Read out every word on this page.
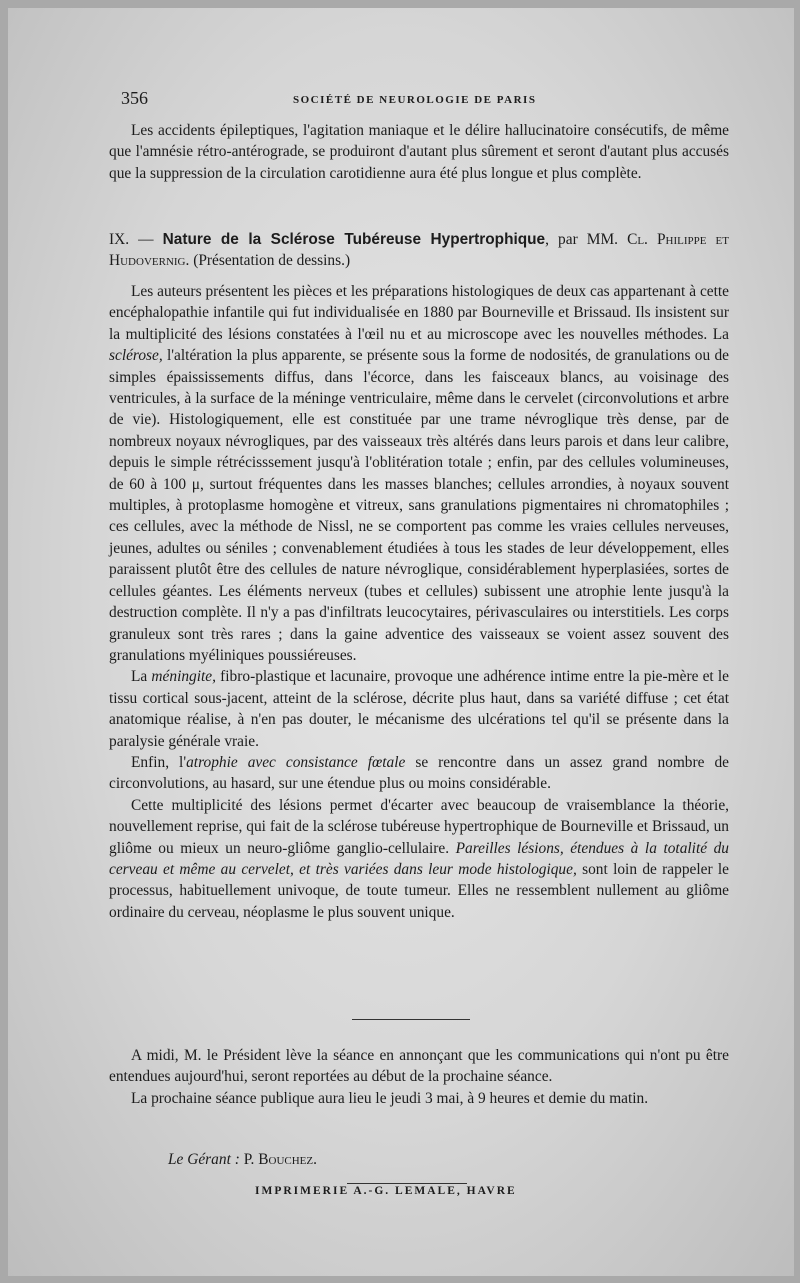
356	SOCIÉTÉ DE NEUROLOGIE DE PARIS

Les accidents épileptiques, l'agitation maniaque et le délire hallucinatoire consécutifs, de même que l'amnésie rétro-antérograde, se produiront d'autant plus sûrement et seront d'autant plus accusés que la suppression de la circulation carotidienne aura été plus longue et plus complète.

IX. — Nature de la Sclérose Tubéreuse Hypertrophique, par MM. Cl. Philippe et Hudovernig. (Présentation de dessins.)

Les auteurs présentent les pièces et les préparations histologiques de deux cas appartenant à cette encéphalopathie infantile qui fut individualisée en 1880 par Bourneville et Brissaud. Ils insistent sur la multiplicité des lésions constatées à l'œil nu et au microscope avec les nouvelles méthodes. La sclérose, l'altération la plus apparente, se présente sous la forme de nodosités, de granulations ou de simples épaississements diffus, dans l'écorce, dans les faisceaux blancs, au voisinage des ventricules, à la surface de la méninge ventriculaire, même dans le cervelet (circonvolutions et arbre de vie). Histologiquement, elle est constituée par une trame névroglique très dense, par de nombreux noyaux névrogliques, par des vaisseaux très altérés dans leurs parois et dans leur calibre, depuis le simple rétrécisssement jusqu'à l'oblitération totale ; enfin, par des cellules volumineuses, de 60 à 100 μ, surtout fréquentes dans les masses blanches; cellules arrondies, à noyaux souvent multiples, à protoplasme homogène et vitreux, sans granulations pigmentaires ni chromatophiles ; ces cellules, avec la méthode de Nissl, ne se comportent pas comme les vraies cellules nerveuses, jeunes, adultes ou séniles ; convenablement étudiées à tous les stades de leur développement, elles paraissent plutôt être des cellules de nature névroglique, considérablement hyperplasiées, sortes de cellules géantes. Les éléments nerveux (tubes et cellules) subissent une atrophie lente jusqu'à la destruction complète. Il n'y a pas d'infiltrats leucocytaires, périvasculaires ou interstitiels. Les corps granuleux sont très rares ; dans la gaine adventice des vaisseaux se voient assez souvent des granulations myéliniques poussiéreuses.

La méningite, fibro-plastique et lacunaire, provoque une adhérence intime entre la pie-mère et le tissu cortical sous-jacent, atteint de la sclérose, décrite plus haut, dans sa variété diffuse ; cet état anatomique réalise, à n'en pas douter, le mécanisme des ulcérations tel qu'il se présente dans la paralysie générale vraie.

Enfin, l'atrophie avec consistance fœtale se rencontre dans un assez grand nombre de circonvolutions, au hasard, sur une étendue plus ou moins considérable.

Cette multiplicité des lésions permet d'écarter avec beaucoup de vraisemblance la théorie, nouvellement reprise, qui fait de la sclérose tubéreuse hypertrophique de Bourneville et Brissaud, un gliôme ou mieux un neuro-gliôme ganglio-cellulaire. Pareilles lésions, étendues à la totalité du cerveau et même au cervelet, et très variées dans leur mode histologique, sont loin de rappeler le processus, habituellement univoque, de toute tumeur. Elles ne ressemblent nullement au gliôme ordinaire du cerveau, néoplasme le plus souvent unique.

A midi, M. le Président lève la séance en annonçant que les communications qui n'ont pu être entendues aujourd'hui, seront reportées au début de la prochaine séance.

La prochaine séance publique aura lieu le jeudi 3 mai, à 9 heures et demie du matin.

Le Gérant : P. Bouchez.
IMPRIMERIE A.-G. LEMALE, HAVRE
